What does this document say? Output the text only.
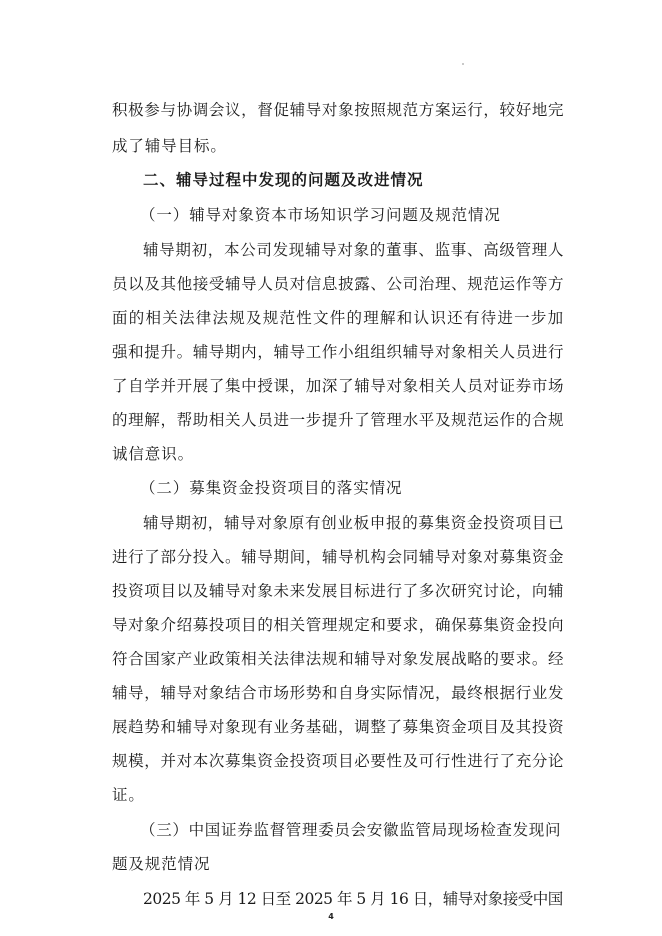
积极参与协调会议，督促辅导对象按照规范方案运行，较好地完
成了辅导目标。
二、辅导过程中发现的问题及改进情况
（一）辅导对象资本市场知识学习问题及规范情况
辅导期初，本公司发现辅导对象的董事、监事、高级管理人
员以及其他接受辅导人员对信息披露、公司治理、规范运作等方
面的相关法律法规及规范性文件的理解和认识还有待进一步加
强和提升。辅导期内，辅导工作小组组织辅导对象相关人员进行
了自学并开展了集中授课，加深了辅导对象相关人员对证券市场
的理解，帮助相关人员进一步提升了管理水平及规范运作的合规
诚信意识。
（二）募集资金投资项目的落实情况
辅导期初，辅导对象原有创业板申报的募集资金投资项目已
进行了部分投入。辅导期间，辅导机构会同辅导对象对募集资金
投资项目以及辅导对象未来发展目标进行了多次研究讨论，向辅
导对象介绍募投项目的相关管理规定和要求，确保募集资金投向
符合国家产业政策相关法律法规和辅导对象发展战略的要求。经
辅导，辅导对象结合市场形势和自身实际情况，最终根据行业发
展趋势和辅导对象现有业务基础，调整了募集资金项目及其投资
规模，并对本次募集资金投资项目必要性及可行性进行了充分论
证。
（三）中国证券监督管理委员会安徽监管局现场检查发现问
题及规范情况
2025 年 5 月 12 日至 2025 年 5 月 16 日，辅导对象接受中国
4
